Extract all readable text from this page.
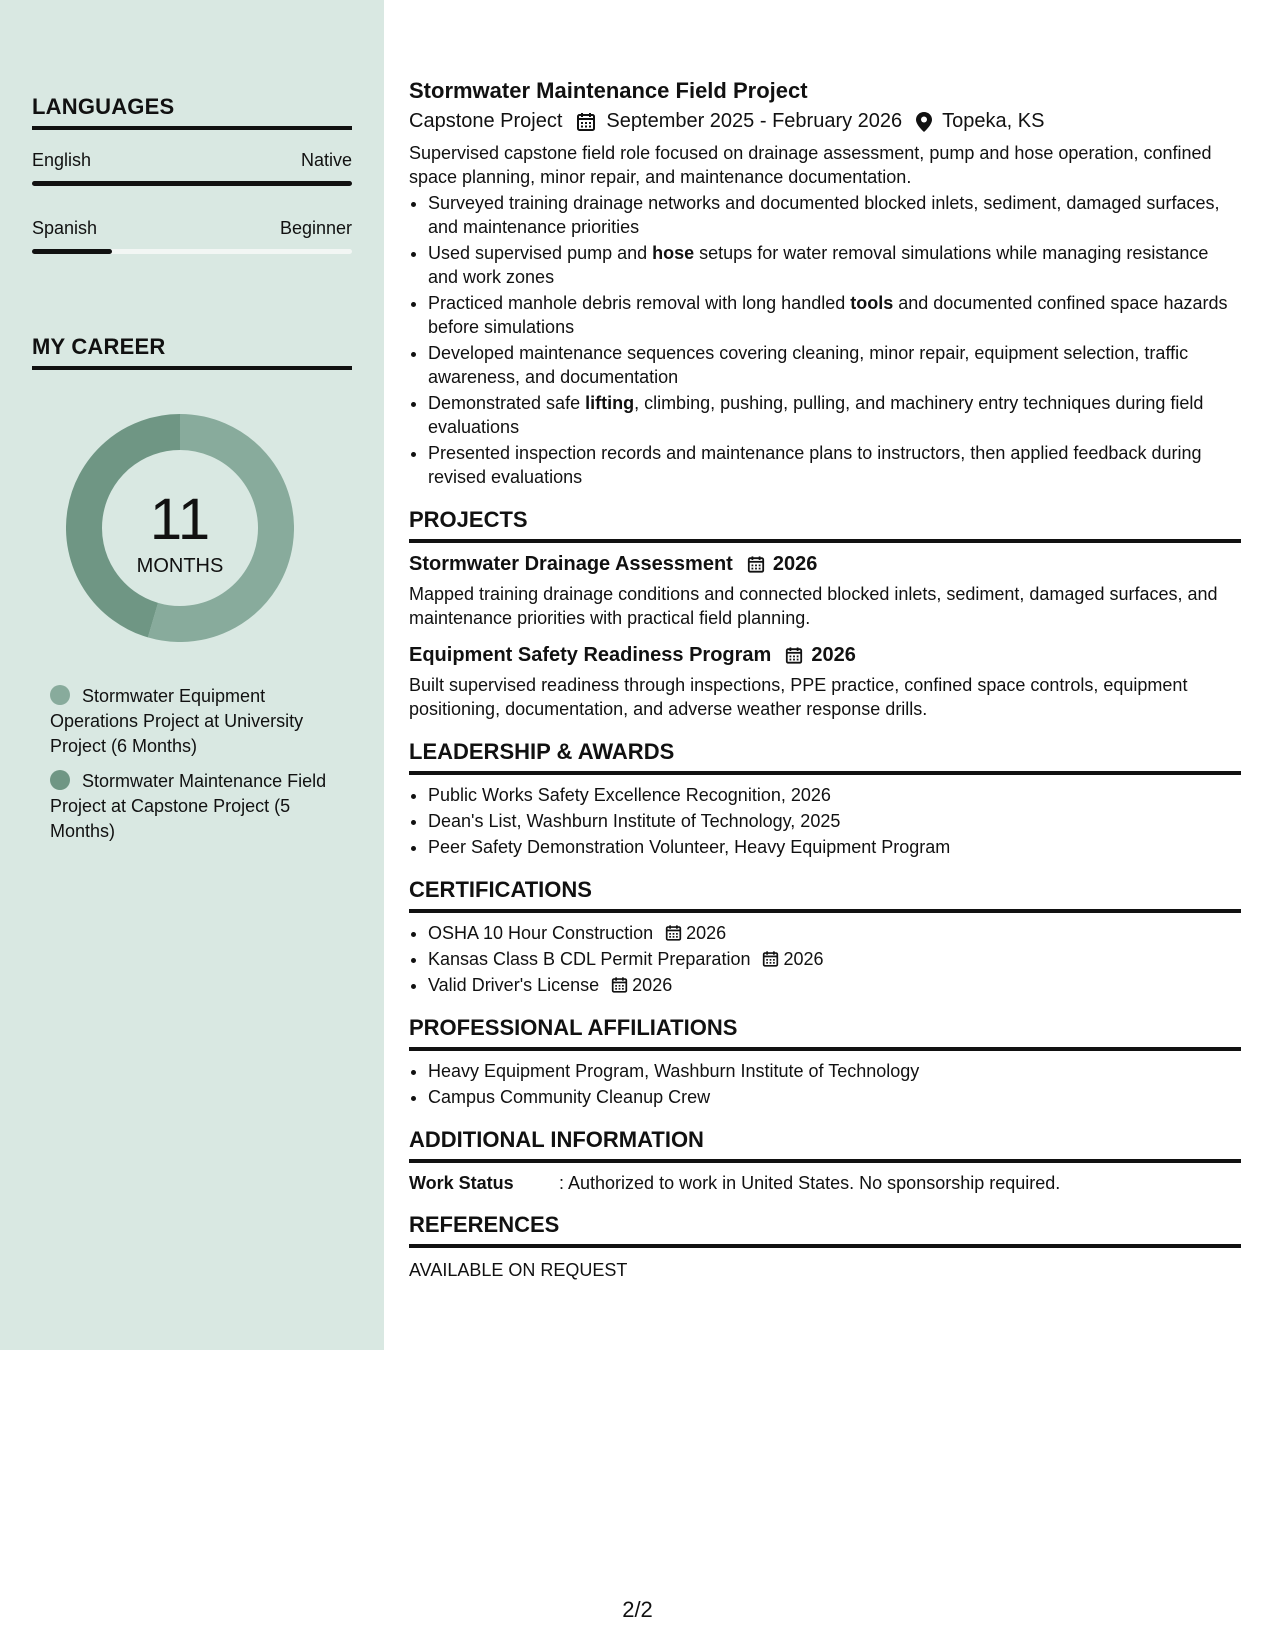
LANGUAGES
English	Native
Spanish	Beginner
MY CAREER
11
MONTHS
Stormwater Equipment Operations Project at University Project (6 Months)
Stormwater Maintenance Field Project at Capstone Project (5 Months)
Stormwater Maintenance Field Project
Capstone Project September 2025 - February 2026 Topeka, KS

Supervised capstone field role focused on drainage assessment, pump and hose operation, confined space planning, minor repair, and maintenance documentation.

• Surveyed training drainage networks and documented blocked inlets, sediment, damaged surfaces, and maintenance priorities
• Used supervised pump and hose setups for water removal simulations while managing resistance and work zones
• Practiced manhole debris removal with long handled tools and documented confined space hazards before simulations
• Developed maintenance sequences covering cleaning, minor repair, equipment selection, traffic awareness, and documentation
• Demonstrated safe lifting, climbing, pushing, pulling, and machinery entry techniques during field evaluations
• Presented inspection records and maintenance plans to instructors, then applied feedback during revised evaluations
PROJECTS
Stormwater Drainage Assessment 2026

Mapped training drainage conditions and connected blocked inlets, sediment, damaged surfaces, and maintenance priorities with practical field planning.

Equipment Safety Readiness Program 2026

Built supervised readiness through inspections, PPE practice, confined space controls, equipment positioning, documentation, and adverse weather response drills.

LEADERSHIP & AWARDS
• Public Works Safety Excellence Recognition, 2026
• Dean's List, Washburn Institute of Technology, 2025
• Peer Safety Demonstration Volunteer, Heavy Equipment Program
CERTIFICATIONS
• OSHA 10 Hour Construction 2026
• Kansas Class B CDL Permit Preparation 2026
• Valid Driver's License 2026
PROFESSIONAL AFFILIATIONS
• Heavy Equipment Program, Washburn Institute of Technology
• Campus Community Cleanup Crew
ADDITIONAL INFORMATION
Work Status	: Authorized to work in United States. No sponsorship required.
REFERENCES
AVAILABLE ON REQUEST
2/2
